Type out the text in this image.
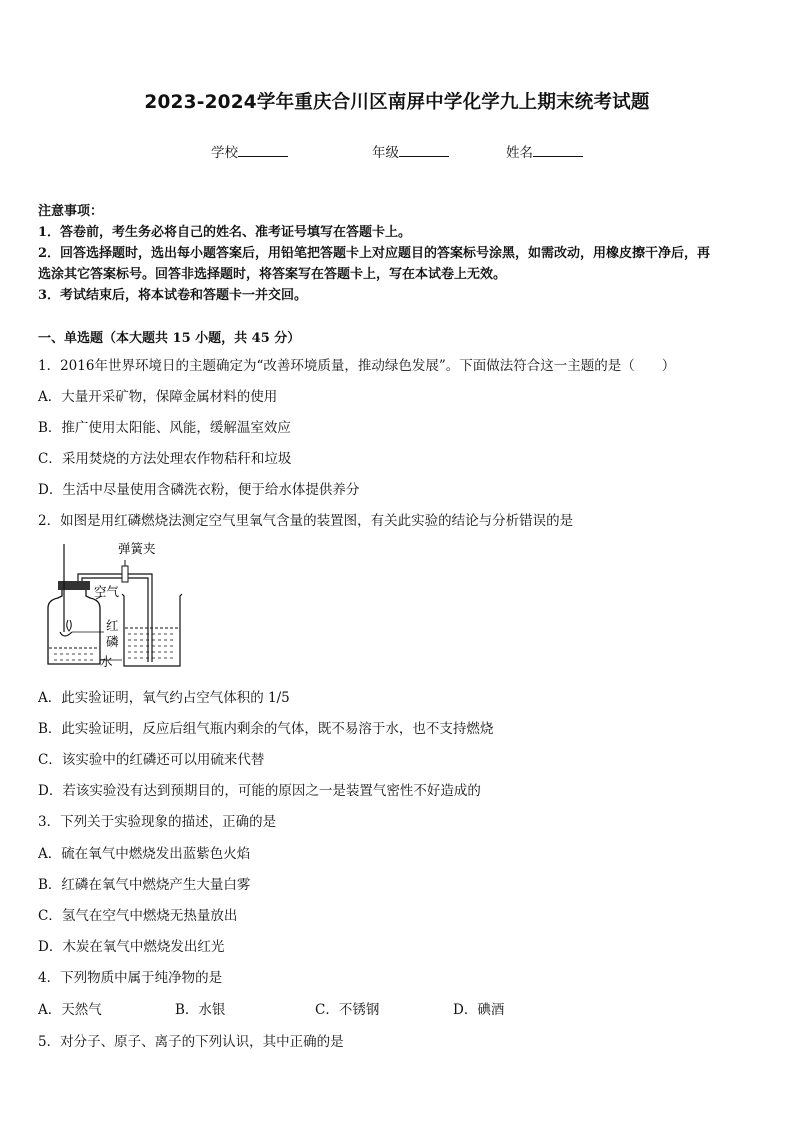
2023-2024学年重庆合川区南屏中学化学九上期末统考试题
学校	年级	姓名
注意事项：
1．答卷前，考生务必将自己的姓名、准考证号填写在答题卡上。
2．回答选择题时，选出每小题答案后，用铅笔把答题卡上对应题目的答案标号涂黑，如需改动，用橡皮擦干净后，再
选涂其它答案标号。回答非选择题时，将答案写在答题卡上，写在本试卷上无效。
3．考试结束后，将本试卷和答题卡一并交回。
一、单选题（本大题共 15 小题，共 45 分）
1．2016年世界环境日的主题确定为“改善环境质量，推动绿色发展”。下面做法符合这一主题的是（　　）
A．大量开采矿物，保障金属材料的使用
B．推广使用太阳能、风能，缓解温室效应
C．采用焚烧的方法处理农作物秸秆和垃圾
D．生活中尽量使用含磷洗衣粉，便于给水体提供养分
2．如图是用红磷燃烧法测定空气里氧气含量的装置图，有关此实验的结论与分析错误的是
弹簧夹
空气
红
磷
水
A．此实验证明，氧气约占空气体积的 1/5
B．此实验证明，反应后组气瓶内剩余的气体，既不易溶于水，也不支持燃烧
C．该实验中的红磷还可以用硫来代替
D．若该实验没有达到预期目的，可能的原因之一是装置气密性不好造成的
3．下列关于实验现象的描述，正确的是
A．硫在氧气中燃烧发出蓝紫色火焰
B．红磷在氧气中燃烧产生大量白雾
C．氢气在空气中燃烧无热量放出
D．木炭在氧气中燃烧发出红光
4．下列物质中属于纯净物的是
A．天然气	B．水银	C．不锈钢	D．碘酒
5．对分子、原子、离子的下列认识，其中正确的是
